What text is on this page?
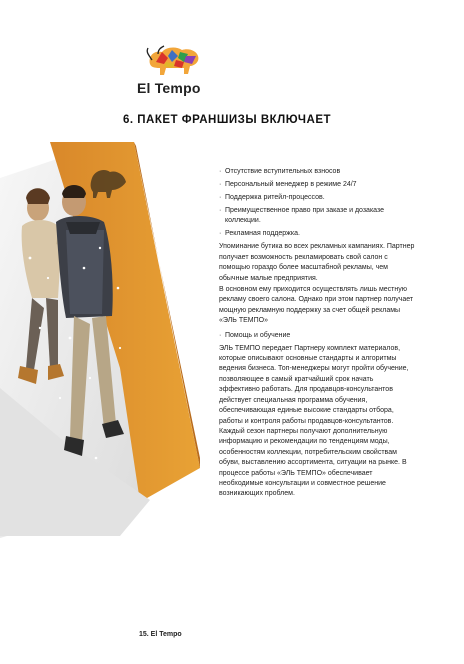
El Tempo
6. ПАКЕТ ФРАНШИЗЫ ВКЛЮЧАЕТ
· Отсутствие вступительных взносов
· Персональный менеджер в режиме 24/7
· Поддержка ритейл-процессов.
· Преимущественное право при заказе и дозаказе коллекции.
· Рекламная поддержка.
Упоминание бутика во всех рекламных кампаниях. Партнер получает возможность рекламировать свой салон с помощью гораздо более масштабной рекламы, чем обычные малые предприятия.
В основном ему приходится осуществлять лишь местную рекламу своего салона. Однако при этом партнер получает мощную рекламную поддержку за счет общей рекламы «ЭЛЬ ТЕМПО»
· Помощь и обучение
ЭЛЬ ТЕМПО передает Партнеру комплект материалов, которые описывают основные стандарты и алгоритмы ведения бизнеса. Топ-менеджеры могут пройти обучение, позволяющее в самый кратчайший срок начать эффективно работать. Для продавцов-консультантов действует специальная программа обучения, обеспечивающая единые высокие стандарты отбора, работы и контроля работы продавцов-консультантов. Каждый сезон партнеры получают дополнительную информацию и рекомендации по тенденциям моды, особенностям коллекции, потребительским свойствам обуви, выставлению ассортимента, ситуации на рынке. В процессе работы «ЭЛЬ ТЕМПО» обеспечивает необходимые консультации и совместное решение возникающих проблем.
15. El Tempo
